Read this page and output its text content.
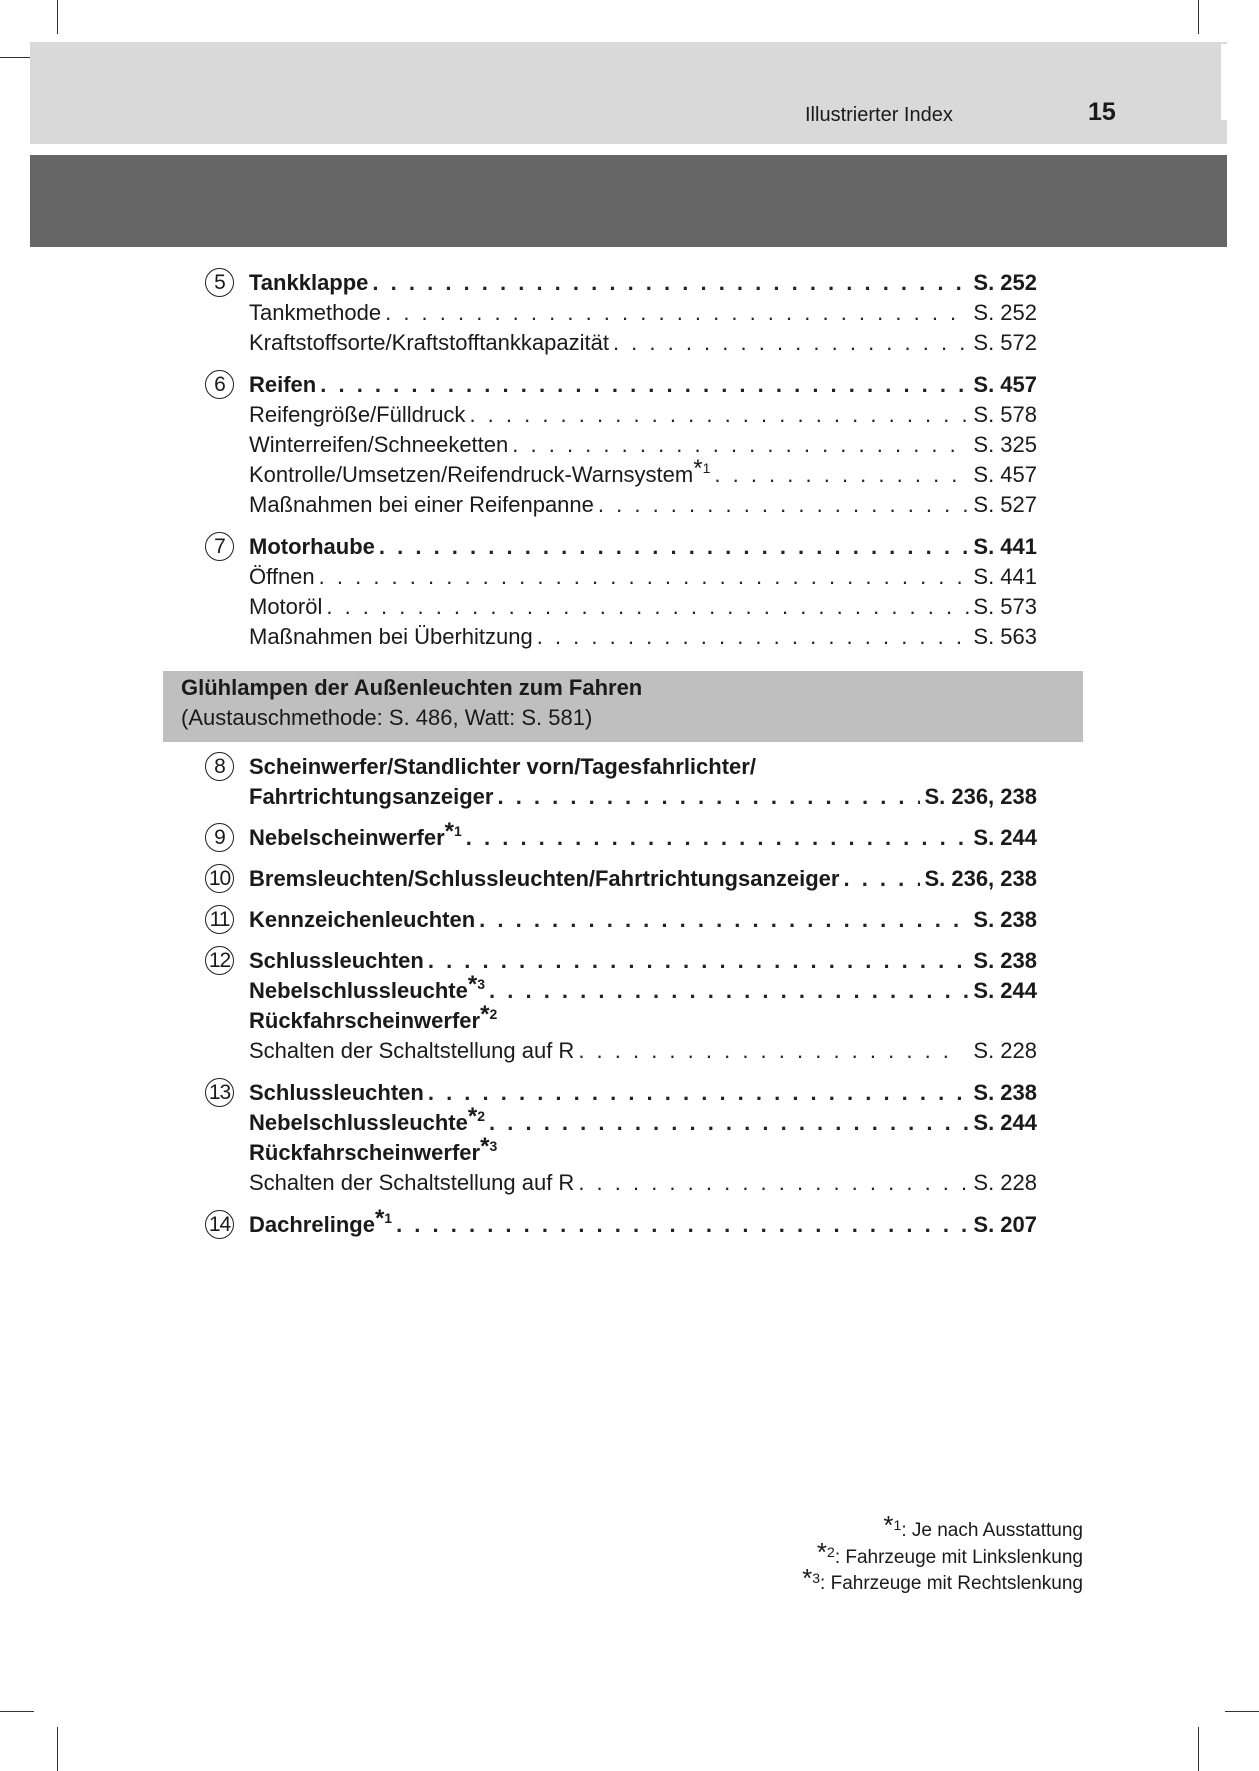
Illustrierter Index	15
5	Tankklappe . . .	S. 252
Tankmethode . . .	S. 252
Kraftstoffsorte/Kraftstofftankkapazität . . .	S. 572
6	Reifen . . .	S. 457
Reifengröße/Fülldruck . . .	S. 578
Winterreifen/Schneeketten . . .	S. 325
Kontrolle/Umsetzen/Reifendruck-Warnsystem$^{*1}$ . . .	S. 457
Maßnahmen bei einer Reifenpanne . . .	S. 527
7	Motorhaube . . .	S. 441
Öffnen . . .	S. 441
Motoröl . . .	S. 573
Maßnahmen bei Überhitzung . . .	S. 563
Glühlampen der Außenleuchten zum Fahren
(Austauschmethode: S. 486, Watt: S. 581)
8	Scheinwerfer/Standlichter vorn/Tagesfahrlichter/
Fahrtrichtungsanzeiger . . .	S. 236, 238
9	Nebelscheinwerfer$^{*1}$ . . .	S. 244
10 Bremsleuchten/Schlussleuchten/Fahrtrichtungsanzeiger . . .	S. 236, 238
11 Kennzeichenleuchten . . .	S. 238
12 Schlussleuchten . . .	S. 238
Nebelschlussleuchte$^{*3}$ . . .	S. 244
Rückfahrscheinwerfer$^{*2}$
Schalten der Schaltstellung auf R . . .	S. 228
13 Schlussleuchten . . .	S. 238
Nebelschlussleuchte$^{*2}$ . . .	S. 244
Rückfahrscheinwerfer$^{*3}$
Schalten der Schaltstellung auf R . . .	S. 228
14 Dachrelinge$^{*1}$ . . .	S. 207
*$^1$: Je nach Ausstattung
*$^2$: Fahrzeuge mit Linkslenkung
*$^3$: Fahrzeuge mit Rechtslenkung
